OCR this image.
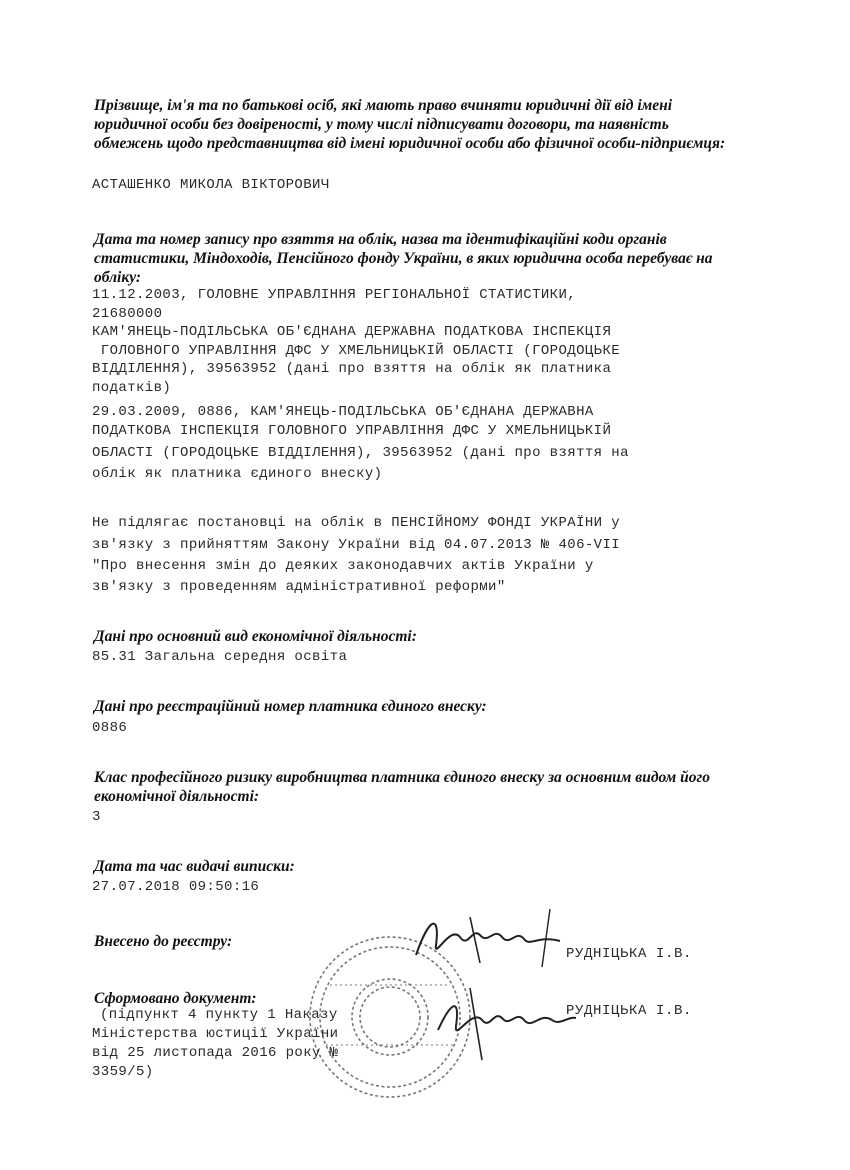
Прізвище, ім'я та по батькові осіб, які мають право вчиняти юридичні дії від імені юридичної особи без довіреності, у тому числі підписувати договори, та наявність обмежень щодо представництва від імені юридичної особи або фізичної особи-підприємця:
АСТАШЕНКО МИКОЛА ВІКТОРОВИЧ
Дата та номер запису про взяття на облік, назва та ідентифікаційні коди органів статистики, Міндоходів, Пенсійного фонду України, в яких юридична особа перебуває на обліку:
11.12.2003, ГОЛОВНЕ УПРАВЛІННЯ РЕГІОНАЛЬНОЇ СТАТИСТИКИ,
21680000
КАМ'ЯНЕЦЬ-ПОДІЛЬСЬКА ОБ'ЄДНАНА ДЕРЖАВНА ПОДАТКОВА ІНСПЕКЦІЯ
ГОЛОВНОГО УПРАВЛІННЯ ДФС У ХМЕЛЬНИЦЬКІЙ ОБЛАСТІ (ГОРОДОЦЬКЕ
ВІДДІЛЕННЯ), 39563952 (дані про взяття на облік як платника
податків)
29.03.2009, 0886, КАМ'ЯНЕЦЬ-ПОДІЛЬСЬКА ОБ'ЄДНАНА ДЕРЖАВНА
ПОДАТКОВА ІНСПЕКЦІЯ ГОЛОВНОГО УПРАВЛІННЯ ДФС У ХМЕЛЬНИЦЬКІЙ
ОБЛАСТІ (ГОРОДОЦЬКЕ ВІДДІЛЕННЯ), 39563952 (дані про взяття на
облік як платника єдиного внеску)
Не підлягає постановці на облік в ПЕНСІЙНОМУ ФОНДІ УКРАЇНИ у
зв'язку з прийняттям Закону України від 04.07.2013 № 406-VII
"Про внесення змін до деяких законодавчих актів України у
зв'язку з проведенням адміністративної реформи"
Дані про основний вид економічної діяльності:
85.31 Загальна середня освіта
Дані про реєстраційний номер платника єдиного внеску:
0886
Клас професійного ризику виробництва платника єдиного внеску за основним видом його економічної діяльності:
3
Дата та час видачі виписки:
27.07.2018 09:50:16
Внесено до реєстру:
РУДНІЦЬКА І.В.
Сформовано документ:
РУДНІЦЬКА І.В.
(підпункт 4 пункту 1 Наказу
Міністерства юстиції України
від 25 листопада 2016 року №
3359/5)
